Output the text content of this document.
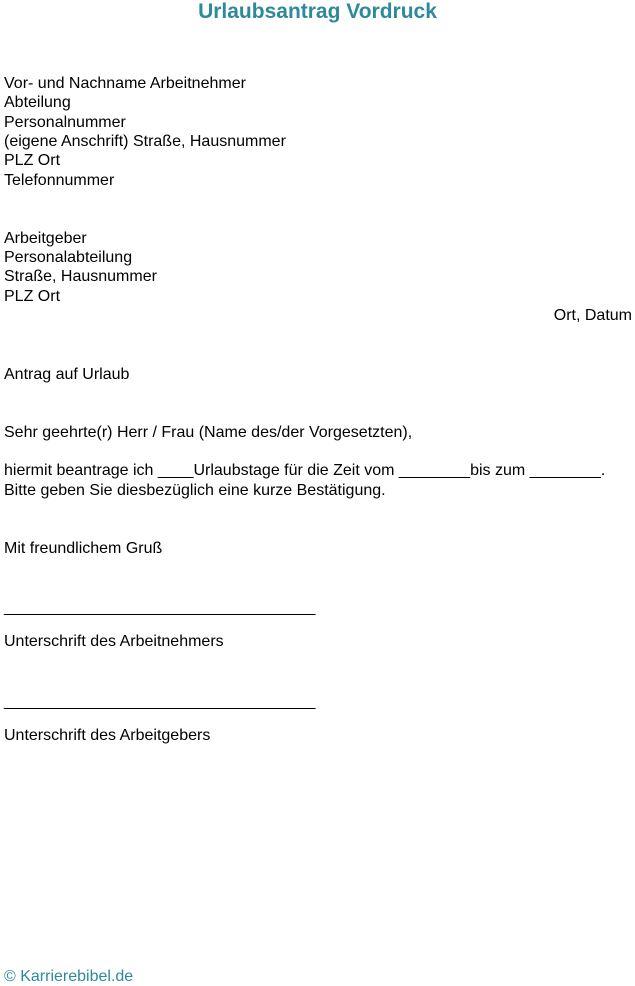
Urlaubsantrag Vordruck
Vor- und Nachname Arbeitnehmer
Abteilung
Personalnummer
(eigene Anschrift) Straße, Hausnummer
PLZ Ort
Telefonnummer
Arbeitgeber
Personalabteilung
Straße, Hausnummer
PLZ Ort
Ort, Datum
Antrag auf Urlaub
Sehr geehrte(r) Herr / Frau (Name des/der Vorgesetzten),
hiermit beantrage ich ____Urlaubstage für die Zeit vom ________bis zum ________.
Bitte geben Sie diesbezüglich eine kurze Bestätigung.
Mit freundlichem Gruß
___________________________________
Unterschrift des Arbeitnehmers
___________________________________
Unterschrift des Arbeitgebers
© Karrierebibel.de
